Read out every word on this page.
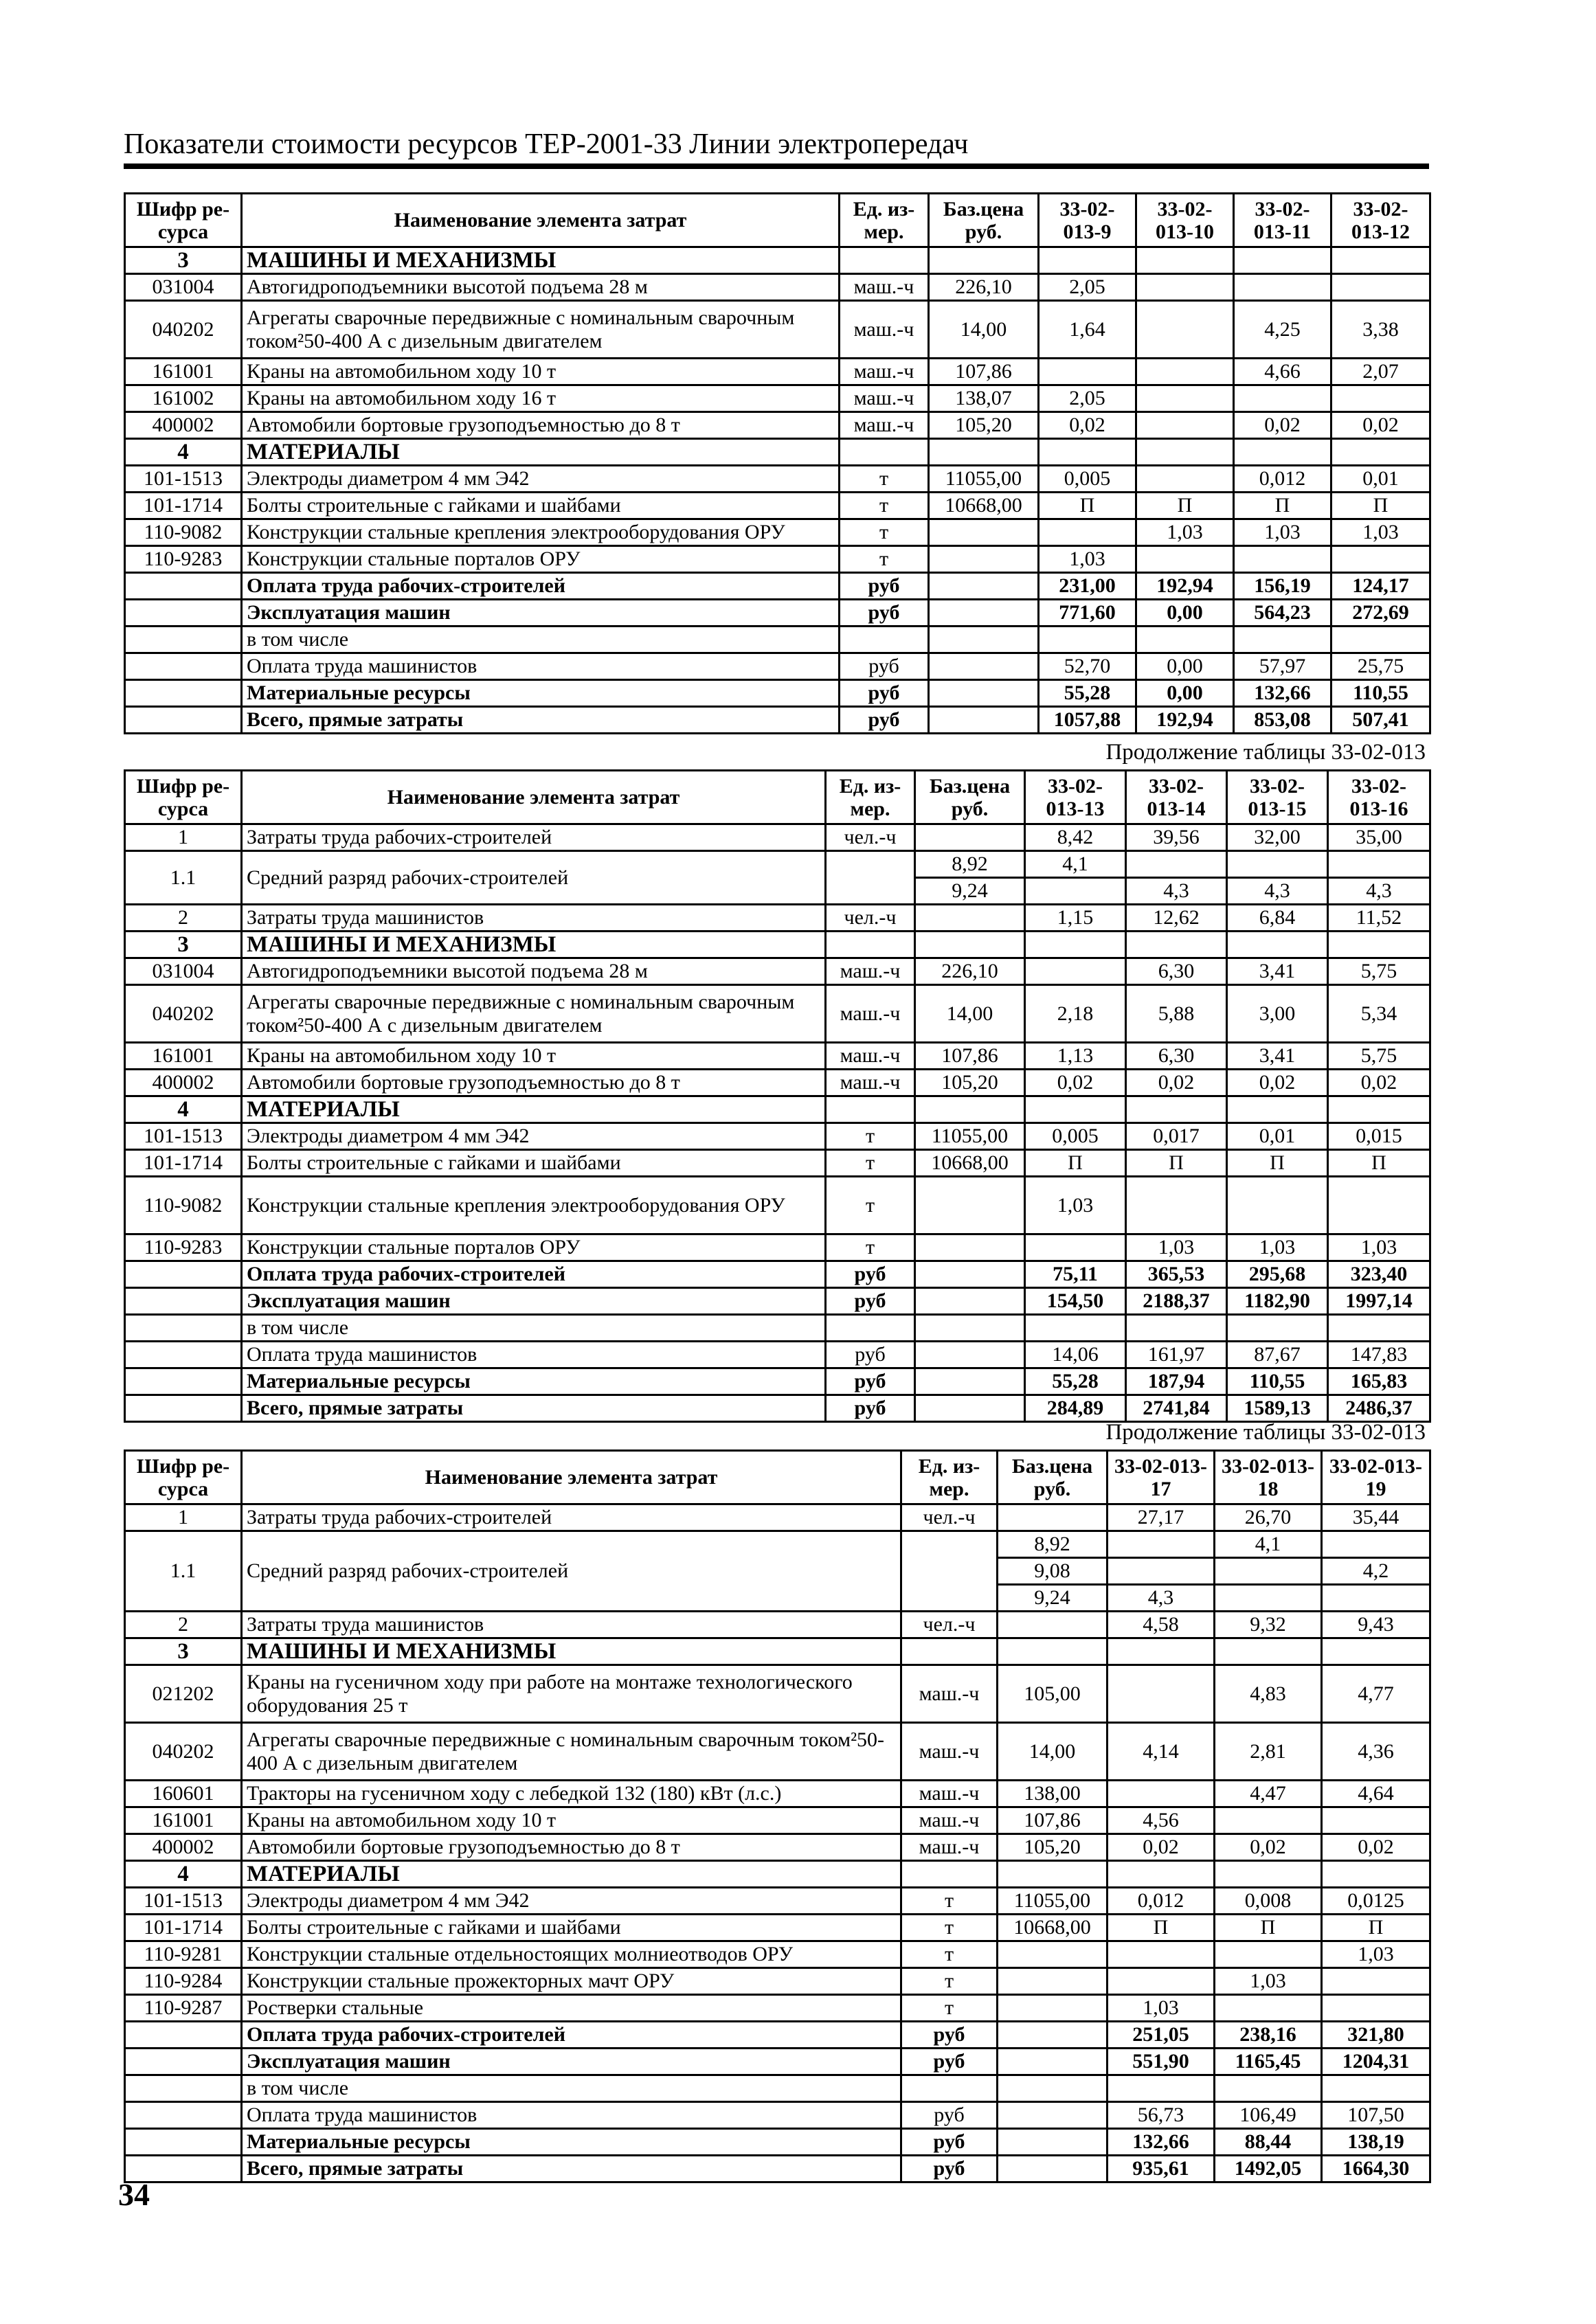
Показатели стоимости ресурсов ТЕР-2001-33 Линии электропередач
Шифр ре-сурса	Наименование элемента затрат	Ед. из-мер.	Баз.цена руб.	33-02-013-9	33-02-013-10	33-02-013-11	33-02-013-12
3	МАШИНЫ И МЕХАНИЗМЫ						
031004	Автогидроподъемники высотой подъема 28 м	маш.-ч	226,10	2,05			
040202	Агрегаты сварочные передвижные с номинальным сварочным током²50-400 А с дизельным двигателем	маш.-ч	14,00	1,64		4,25	3,38
161001	Краны на автомобильном ходу 10 т	маш.-ч	107,86			4,66	2,07
161002	Краны на автомобильном ходу 16 т	маш.-ч	138,07	2,05			
400002	Автомобили бортовые грузоподъемностью до 8 т	маш.-ч	105,20	0,02		0,02	0,02
4	МАТЕРИАЛЫ						
101-1513	Электроды диаметром 4 мм Э42	т	11055,00	0,005		0,012	0,01
101-1714	Болты строительные с гайками и шайбами	т	10668,00	П	П	П	П
110-9082	Конструкции стальные крепления электрооборудования ОРУ	т			1,03	1,03	1,03
110-9283	Конструкции стальные порталов ОРУ	т		1,03			
	Оплата труда рабочих-строителей	руб		231,00	192,94	156,19	124,17
	Эксплуатация машин	руб		771,60	0,00	564,23	272,69
	в том числе						
	Оплата труда машинистов	руб		52,70	0,00	57,97	25,75
	Материальные ресурсы	руб		55,28	0,00	132,66	110,55
	Всего, прямые затраты	руб		1057,88	192,94	853,08	507,41
Продолжение таблицы 33-02-013
Шифр ре-сурса	Наименование элемента затрат	Ед. из-мер.	Баз.цена руб.	33-02-013-13	33-02-013-14	33-02-013-15	33-02-013-16
1	Затраты труда рабочих-строителей	чел.-ч		8,42	39,56	32,00	35,00
1.1	Средний разряд рабочих-строителей		8,92	4,1			
			9,24		4,3	4,3	4,3
2	Затраты труда машинистов	чел.-ч		1,15	12,62	6,84	11,52
3	МАШИНЫ И МЕХАНИЗМЫ						
031004	Автогидроподъемники высотой подъема 28 м	маш.-ч	226,10		6,30	3,41	5,75
040202	Агрегаты сварочные передвижные с номинальным сварочным током²50-400 А с дизельным двигателем	маш.-ч	14,00	2,18	5,88	3,00	5,34
161001	Краны на автомобильном ходу 10 т	маш.-ч	107,86	1,13	6,30	3,41	5,75
400002	Автомобили бортовые грузоподъемностью до 8 т	маш.-ч	105,20	0,02	0,02	0,02	0,02
4	МАТЕРИАЛЫ						
101-1513	Электроды диаметром 4 мм Э42	т	11055,00	0,005	0,017	0,01	0,015
101-1714	Болты строительные с гайками и шайбами	т	10668,00	П	П	П	П
110-9082	Конструкции стальные крепления электрооборудования ОРУ	т		1,03			
110-9283	Конструкции стальные порталов ОРУ	т			1,03	1,03	1,03
	Оплата труда рабочих-строителей	руб		75,11	365,53	295,68	323,40
	Эксплуатация машин	руб		154,50	2188,37	1182,90	1997,14
	в том числе						
	Оплата труда машинистов	руб		14,06	161,97	87,67	147,83
	Материальные ресурсы	руб		55,28	187,94	110,55	165,83
	Всего, прямые затраты	руб		284,89	2741,84	1589,13	2486,37
Продолжение таблицы 33-02-013
Шифр ре-сурса	Наименование элемента затрат	Ед. из-мер.	Баз.цена руб.	33-02-013-17	33-02-013-18	33-02-013-19
1	Затраты труда рабочих-строителей	чел.-ч		27,17	26,70	35,44
1.1	Средний разряд рабочих-строителей		8,92		4,1	
			9,08			4,2
			9,24	4,3		
2	Затраты труда машинистов	чел.-ч		4,58	9,32	9,43
3	МАШИНЫ И МЕХАНИЗМЫ					
021202	Краны на гусеничном ходу при работе на монтаже технологического оборудования 25 т	маш.-ч	105,00		4,83	4,77
040202	Агрегаты сварочные передвижные с номинальным сварочным током²50-400 А с дизельным двигателем	маш.-ч	14,00	4,14	2,81	4,36
160601	Тракторы на гусеничном ходу с лебедкой 132 (180) кВт (л.с.)	маш.-ч	138,00		4,47	4,64
161001	Краны на автомобильном ходу 10 т	маш.-ч	107,86	4,56		
400002	Автомобили бортовые грузоподъемностью до 8 т	маш.-ч	105,20	0,02	0,02	0,02
4	МАТЕРИАЛЫ					
101-1513	Электроды диаметром 4 мм Э42	т	11055,00	0,012	0,008	0,0125
101-1714	Болты строительные с гайками и шайбами	т	10668,00	П	П	П
110-9281	Конструкции стальные отдельностоящих молниеотводов ОРУ	т				1,03
110-9284	Конструкции стальные прожекторных мачт ОРУ	т			1,03	
110-9287	Ростверки стальные	т		1,03		
	Оплата труда рабочих-строителей	руб		251,05	238,16	321,80
	Эксплуатация машин	руб		551,90	1165,45	1204,31
	в том числе					
	Оплата труда машинистов	руб		56,73	106,49	107,50
	Материальные ресурсы	руб		132,66	88,44	138,19
	Всего, прямые затраты	руб		935,61	1492,05	1664,30
34
